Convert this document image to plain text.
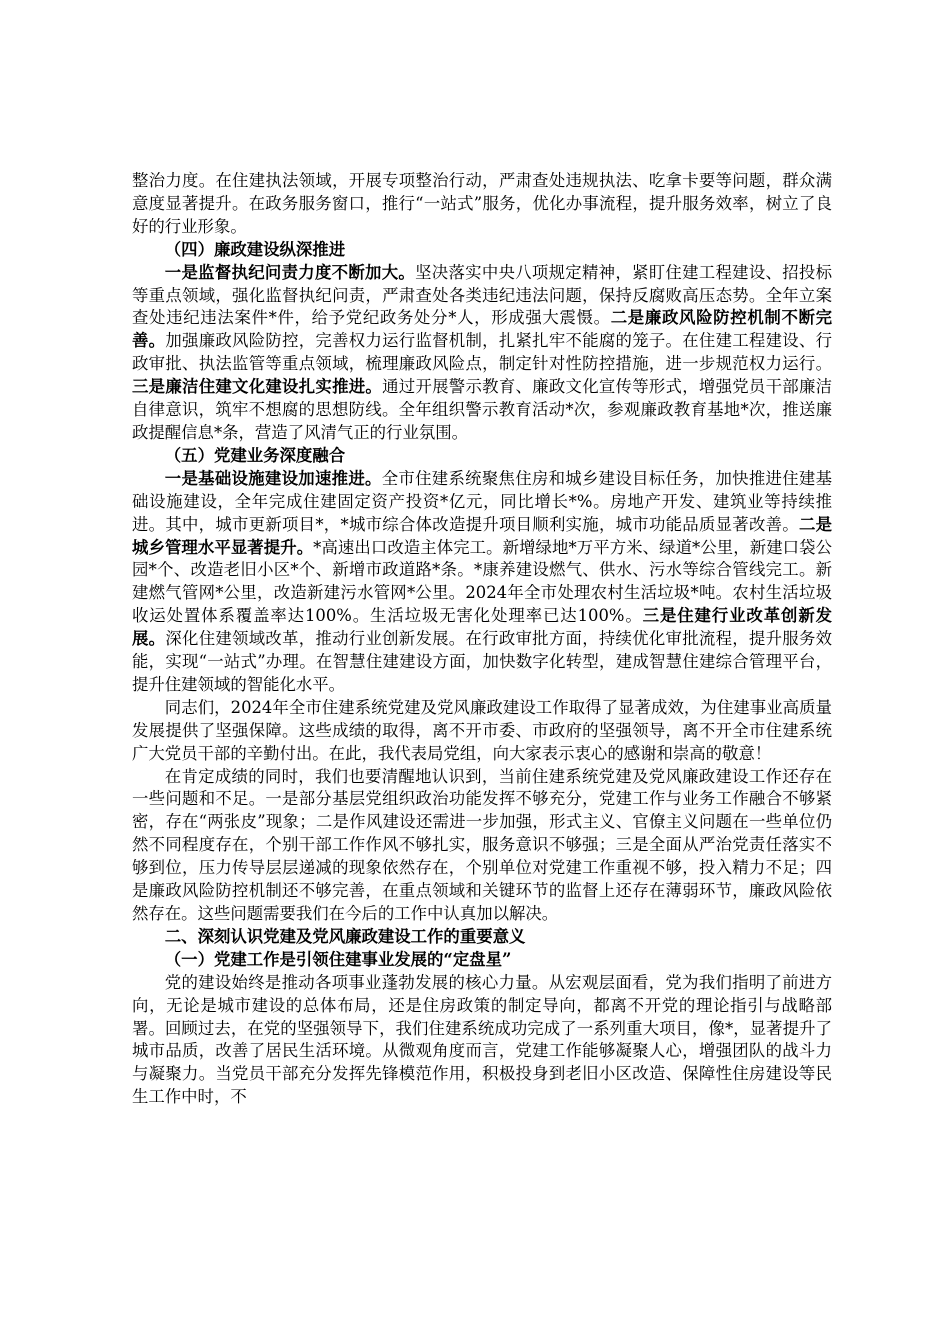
整治力度。在住建执法领域，开展专项整治行动，严肃查处违规执法、吃拿卡要等问题，群众满意度显著提升。在政务服务窗口，推行“一站式”服务，优化办事流程，提升服务效率，树立了良好的行业形象。

（四）廉政建设纵深推进

一是监督执纪问责力度不断加大。坚决落实中央八项规定精神，紧盯住建工程建设、招投标等重点领域，强化监督执纪问责，严肃查处各类违纪违法问题，保持反腐败高压态势。全年立案查处违纪违法案件*件，给予党纪政务处分*人，形成强大震慑。二是廉政风险防控机制不断完善。加强廉政风险防控，完善权力运行监督机制，扎紧扎牢不能腐的笼子。在住建工程建设、行政审批、执法监管等重点领域，梳理廉政风险点，制定针对性防控措施，进一步规范权力运行。三是廉洁住建文化建设扎实推进。通过开展警示教育、廉政文化宣传等形式，增强党员干部廉洁自律意识，筑牢不想腐的思想防线。全年组织警示教育活动*次，参观廉政教育基地*次，推送廉政提醒信息*条，营造了风清气正的行业氛围。

（五）党建业务深度融合

一是基础设施建设加速推进。全市住建系统聚焦住房和城乡建设目标任务，加快推进住建基础设施建设，全年完成住建固定资产投资*亿元，同比增长*%。房地产开发、建筑业等持续推进。其中，城市更新项目*，*城市综合体改造提升项目顺利实施，城市功能品质显著改善。二是城乡管理水平显著提升。*高速出口改造主体完工。新增绿地*万平方米、绿道*公里，新建口袋公园*个、改造老旧小区*个、新增市政道路*条。*康养建设燃气、供水、污水等综合管线完工。新建燃气管网*公里，改造新建污水管网*公里。2024年全市处理农村生活垃圾*吨。农村生活垃圾收运处置体系覆盖率达100%。生活垃圾无害化处理率已达100%。三是住建行业改革创新发展。深化住建领域改革，推动行业创新发展。在行政审批方面，持续优化审批流程，提升服务效能，实现“一站式”办理。在智慧住建建设方面，加快数字化转型，建成智慧住建综合管理平台，提升住建领域的智能化水平。

同志们，2024年全市住建系统党建及党风廉政建设工作取得了显著成效，为住建事业高质量发展提供了坚强保障。这些成绩的取得，离不开市委、市政府的坚强领导，离不开全市住建系统广大党员干部的辛勤付出。在此，我代表局党组，向大家表示衷心的感谢和崇高的敬意！

在肯定成绩的同时，我们也要清醒地认识到，当前住建系统党建及党风廉政建设工作还存在一些问题和不足。一是部分基层党组织政治功能发挥不够充分，党建工作与业务工作融合不够紧密，存在“两张皮”现象；二是作风建设还需进一步加强，形式主义、官僚主义问题在一些单位仍然不同程度存在，个别干部工作作风不够扎实，服务意识不够强；三是全面从严治党责任落实不够到位，压力传导层层递减的现象依然存在，个别单位对党建工作重视不够，投入精力不足；四是廉政风险防控机制还不够完善，在重点领域和关键环节的监督上还存在薄弱环节，廉政风险依然存在。这些问题需要我们在今后的工作中认真加以解决。

二、深刻认识党建及党风廉政建设工作的重要意义

（一）党建工作是引领住建事业发展的“定盘星”

党的建设始终是推动各项事业蓬勃发展的核心力量。从宏观层面看，党为我们指明了前进方向，无论是城市建设的总体布局，还是住房政策的制定导向，都离不开党的理论指引与战略部署。回顾过去，在党的坚强领导下，我们住建系统成功完成了一系列重大项目，像*，显著提升了城市品质，改善了居民生活环境。从微观角度而言，党建工作能够凝聚人心，增强团队的战斗力与凝聚力。当党员干部充分发挥先锋模范作用，积极投身到老旧小区改造、保障性住房建设等民生工作中时，不
